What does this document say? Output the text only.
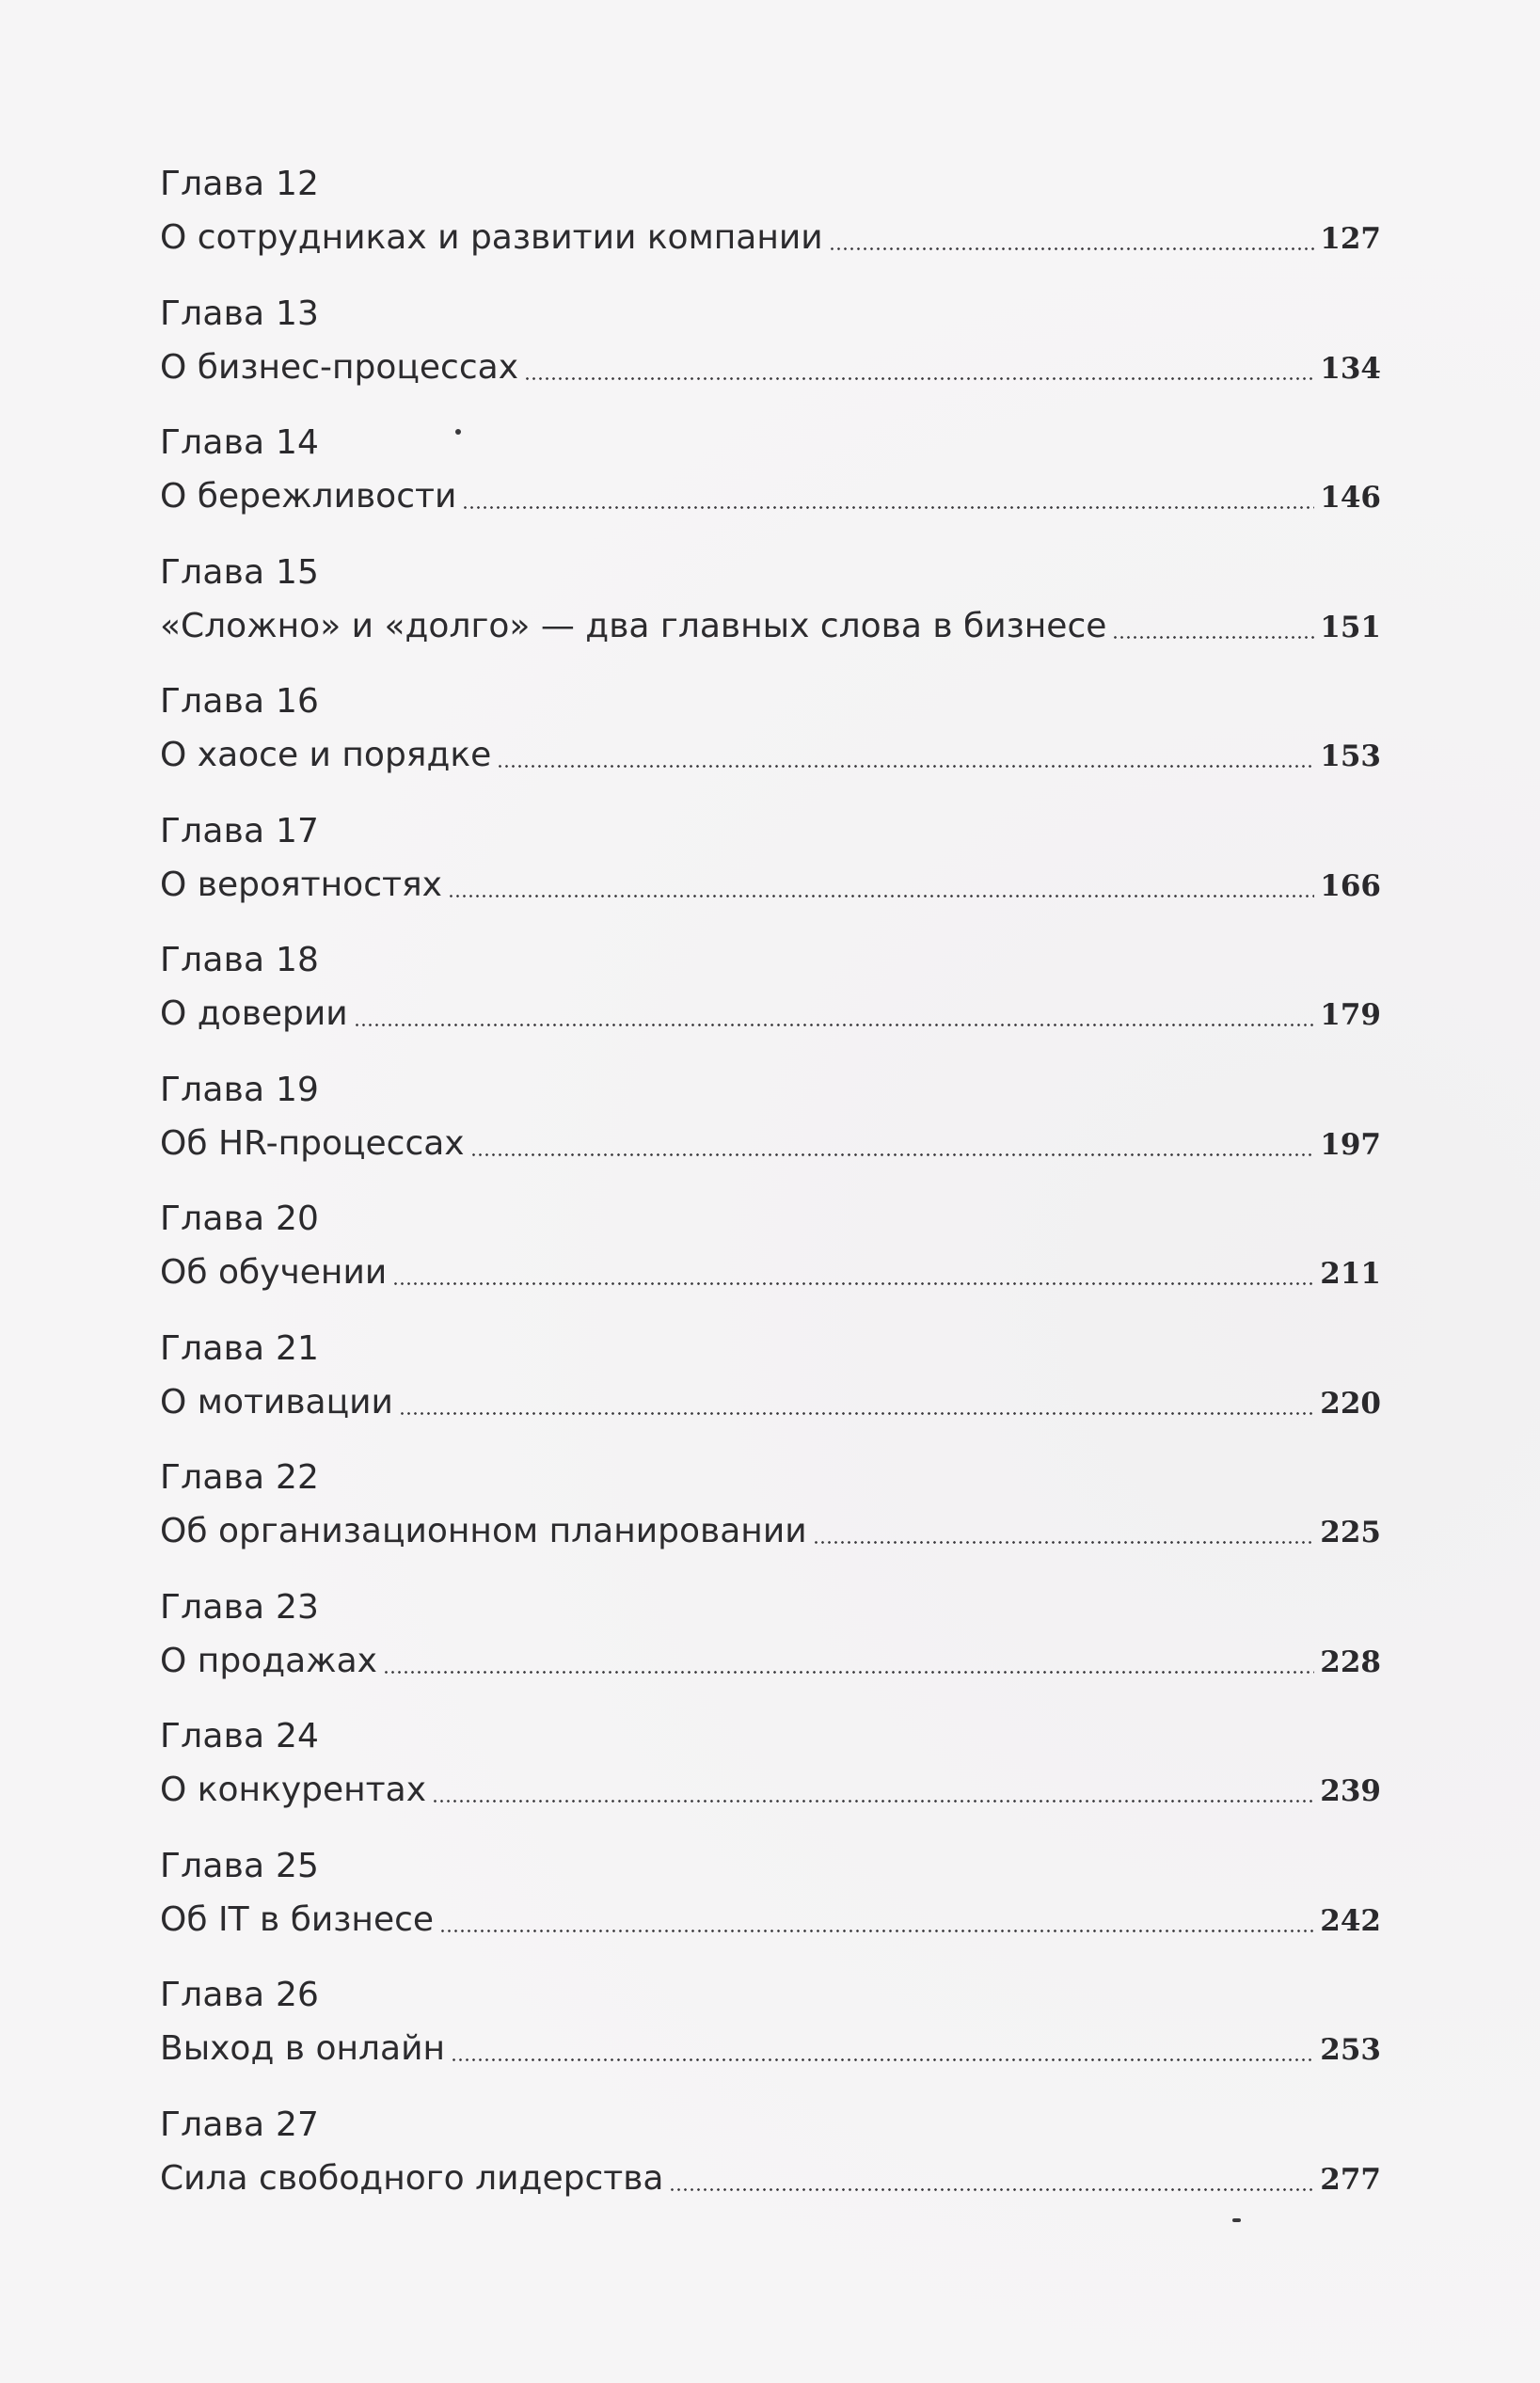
Глава 12
О сотрудниках и развитии компании	127
Глава 13
О бизнес-процессах	134
Глава 14
О бережливости	146
Глава 15
«Сложно» и «долго» — два главных слова в бизнесе	151
Глава 16
О хаосе и порядке	153
Глава 17
О вероятностях	166
Глава 18
О доверии	179
Глава 19
Об HR-процессах	197
Глава 20
Об обучении	211
Глава 21
О мотивации	220
Глава 22
Об организационном планировании	225
Глава 23
О продажах	228
Глава 24
О конкурентах	239
Глава 25
Об IT в бизнесе	242
Глава 26
Выход в онлайн	253
Глава 27
Сила свободного лидерства	277
